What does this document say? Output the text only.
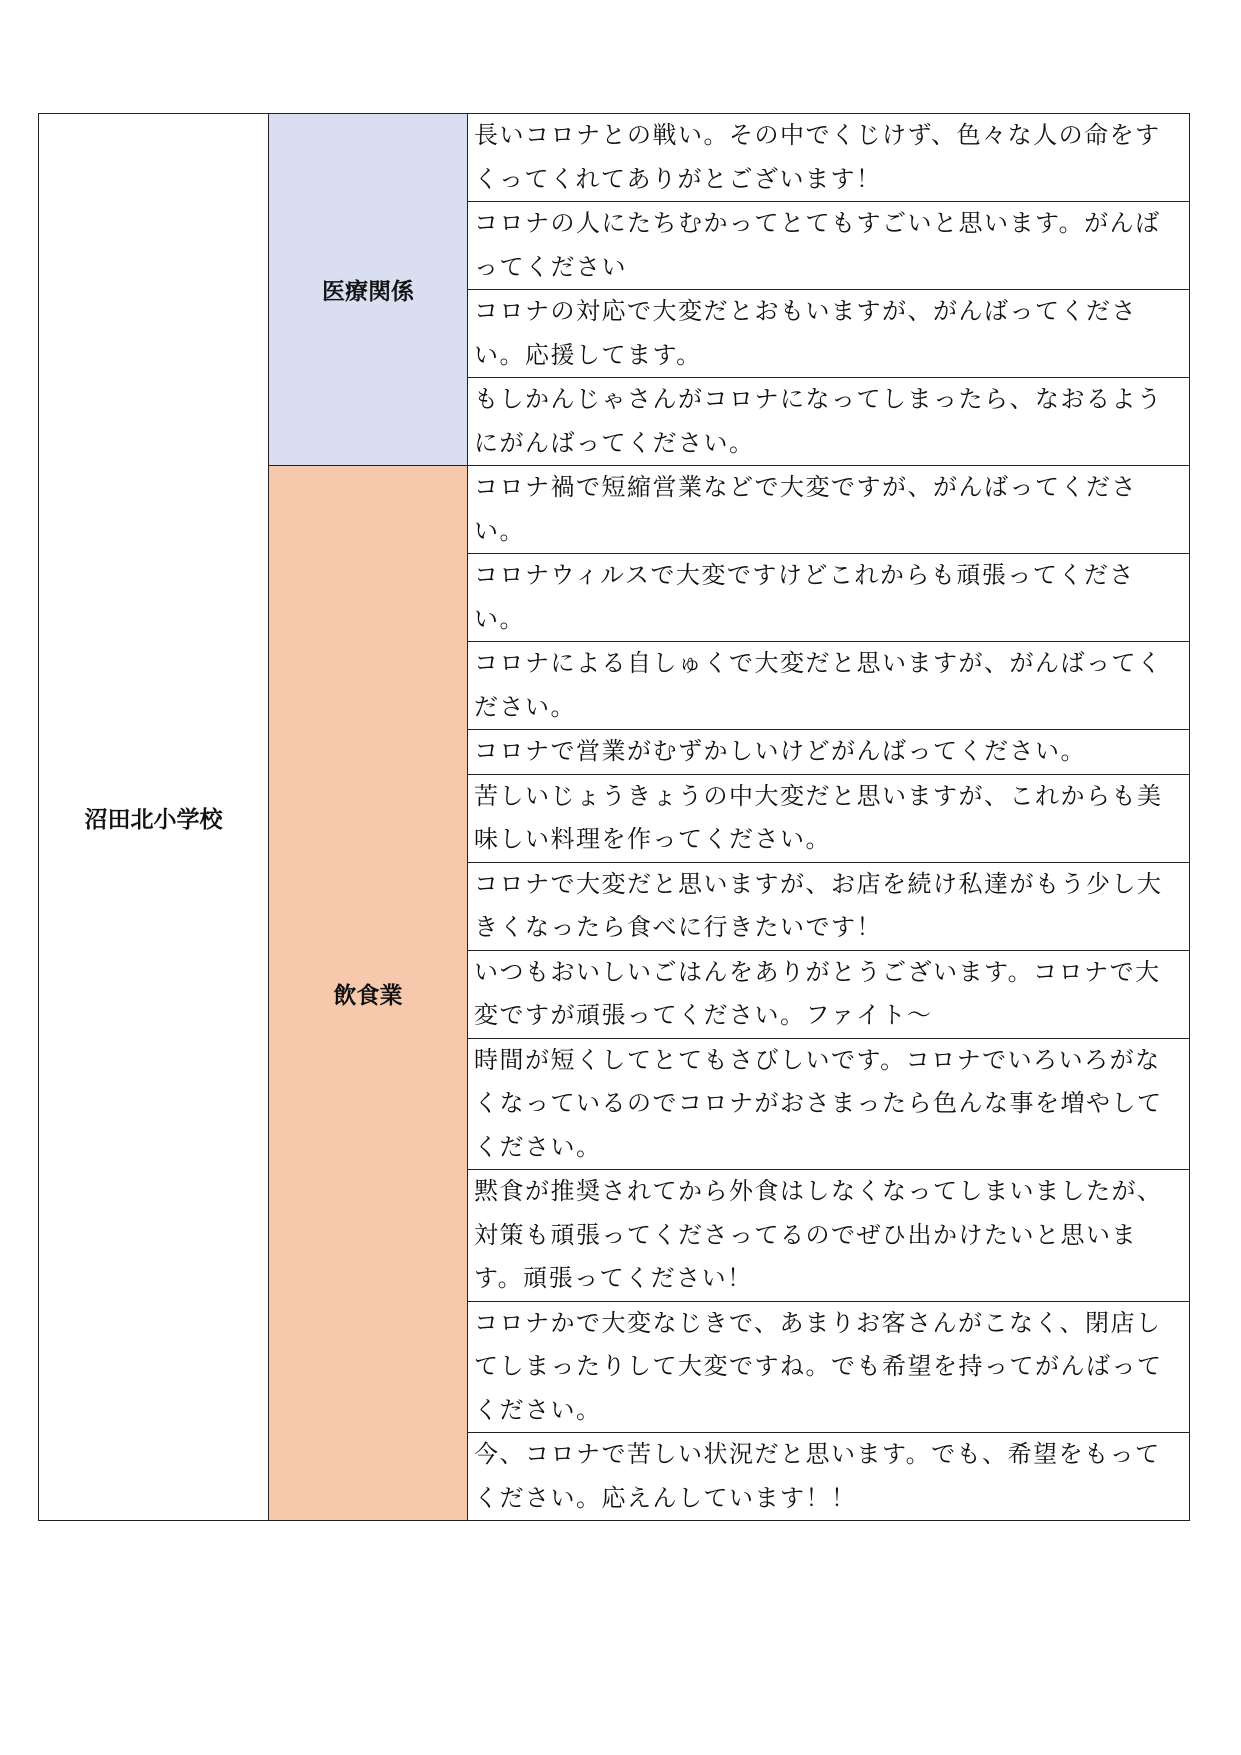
沼田北小学校	医療関係	長いコロナとの戦い。その中でくじけず、色々な人の命をすくってくれてありがとございます！
		コロナの人にたちむかってとてもすごいと思います。がんばってください
		コロナの対応で大変だとおもいますが、がんばってください。応援してます。
		もしかんじゃさんがコロナになってしまったら、なおるようにがんばってください。
	飲食業	コロナ禍で短縮営業などで大変ですが、がんばってください。
		コロナウィルスで大変ですけどこれからも頑張ってください。
		コロナによる自しゅくで大変だと思いますが、がんばってください。
		コロナで営業がむずかしいけどがんばってください。
		苦しいじょうきょうの中大変だと思いますが、これからも美味しい料理を作ってください。
		コロナで大変だと思いますが、お店を続け私達がもう少し大きくなったら食べに行きたいです！
		いつもおいしいごはんをありがとうございます。コロナで大変ですが頑張ってください。ファイト〜
		時間が短くしてとてもさびしいです。コロナでいろいろがなくなっているのでコロナがおさまったら色んな事を増やしてください。
		黙食が推奨されてから外食はしなくなってしまいましたが、対策も頑張ってくださってるのでぜひ出かけたいと思います。頑張ってください！
		コロナかで大変なじきで、あまりお客さんがこなく、閉店してしまったりして大変ですね。でも希望を持ってがんばってください。
		今、コロナで苦しい状況だと思います。でも、希望をもってください。応えんしています！！
